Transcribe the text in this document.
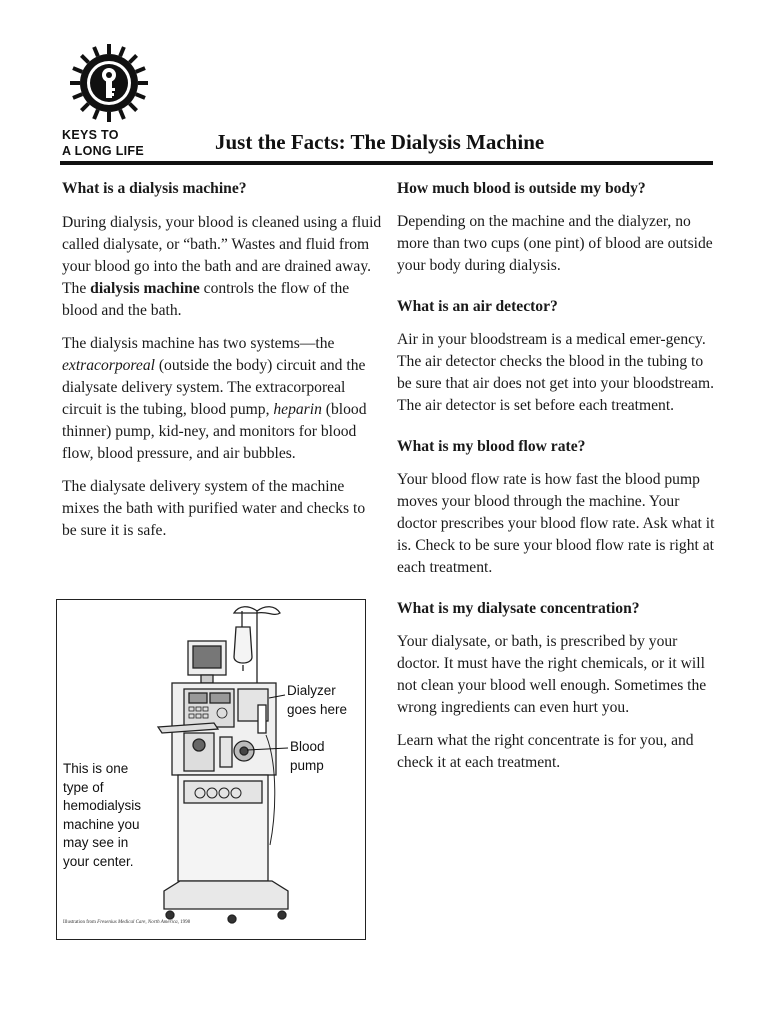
KEYS TO
A LONG LIFE	Just the Facts: The Dialysis Machine
What is a dialysis machine?

During dialysis, your blood is cleaned using a fluid called dialysate, or “bath.” Wastes and fluid from your blood go into the bath and are drained away. The dialysis machine controls the flow of the blood and the bath.

The dialysis machine has two systems—the extracorporeal (outside the body) circuit and the dialysate delivery system. The extracorporeal circuit is the tubing, blood pump, heparin (blood thinner) pump, kid-ney, and monitors for blood flow, blood pressure, and air bubbles.

The dialysate delivery system of the machine mixes the bath with purified water and checks to be sure it is safe.

Dialyzer
goes here
Blood
pump
This is one
type of
hemodialysis
machine you
may see in
your center.
Illustration from Fresenius Medical Care, North America, 1998
How much blood is outside my body?

Depending on the machine and the dialyzer, no more than two cups (one pint) of blood are outside your body during dialysis.

What is an air detector?

Air in your bloodstream is a medical emer-gency. The air detector checks the blood in the tubing to be sure that air does not get into your bloodstream. The air detector is set before each treatment.

What is my blood flow rate?

Your blood flow rate is how fast the blood pump moves your blood through the machine. Your doctor prescribes your blood flow rate. Ask what it is. Check to be sure your blood flow rate is right at each treatment.

What is my dialysate concentration?

Your dialysate, or bath, is prescribed by your doctor. It must have the right chemicals, or it will not clean your blood well enough. Sometimes the wrong ingredients can even hurt you.

Learn what the right concentrate is for you, and check it at each treatment.
